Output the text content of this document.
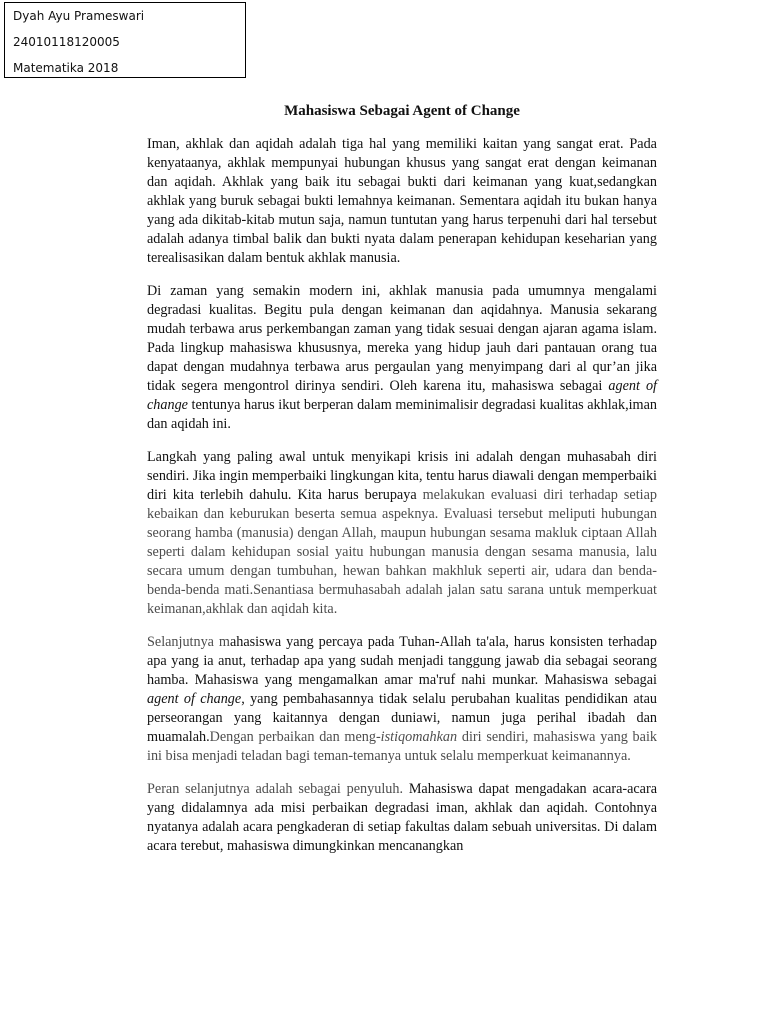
Dyah Ayu Prameswari
24010118120005
Matematika 2018
Mahasiswa Sebagai Agent of Change

Iman, akhlak dan aqidah adalah tiga hal yang memiliki kaitan yang sangat erat. Pada kenyataanya, akhlak mempunyai hubungan khusus yang sangat erat dengan keimanan dan aqidah. Akhlak yang baik itu sebagai bukti dari keimanan yang kuat,sedangkan akhlak yang buruk sebagai bukti lemahnya keimanan. Sementara aqidah itu bukan hanya yang ada dikitab-kitab mutun saja, namun tuntutan yang harus terpenuhi dari hal tersebut adalah adanya timbal balik dan bukti nyata dalam penerapan kehidupan keseharian yang terealisasikan dalam bentuk akhlak manusia.

Di zaman yang semakin modern ini, akhlak manusia pada umumnya mengalami degradasi kualitas. Begitu pula dengan keimanan dan aqidahnya. Manusia sekarang mudah terbawa arus perkembangan zaman yang tidak sesuai dengan ajaran agama islam. Pada lingkup mahasiswa khususnya, mereka yang hidup jauh dari pantauan orang tua dapat dengan mudahnya terbawa arus pergaulan yang menyimpang dari al qur’an jika tidak segera mengontrol dirinya sendiri. Oleh karena itu, mahasiswa sebagai agent of change tentunya harus ikut berperan dalam meminimalisir degradasi kualitas akhlak,iman dan aqidah ini.

Langkah yang paling awal untuk menyikapi krisis ini adalah dengan muhasabah diri sendiri. Jika ingin memperbaiki lingkungan kita, tentu harus diawali dengan memperbaiki diri kita terlebih dahulu. Kita harus berupaya melakukan evaluasi diri terhadap setiap kebaikan dan keburukan beserta semua aspeknya. Evaluasi tersebut meliputi hubungan seorang hamba (manusia) dengan Allah, maupun hubungan sesama makluk ciptaan Allah seperti dalam kehidupan sosial yaitu hubungan manusia dengan sesama manusia, lalu secara umum dengan tumbuhan, hewan bahkan makhluk seperti air, udara dan benda-benda-benda mati.Senantiasa bermuhasabah adalah jalan satu sarana untuk memperkuat keimanan,akhlak dan aqidah kita.

Selanjutnya mahasiswa yang percaya pada Tuhan-Allah ta'ala, harus konsisten terhadap apa yang ia anut, terhadap apa yang sudah menjadi tanggung jawab dia sebagai seorang hamba. Mahasiswa yang mengamalkan amar ma'ruf nahi munkar. Mahasiswa sebagai agent of change, yang pembahasannya tidak selalu perubahan kualitas pendidikan atau perseorangan yang kaitannya dengan duniawi, namun juga perihal ibadah dan muamalah.Dengan perbaikan dan meng-istiqomahkan diri sendiri, mahasiswa yang baik ini bisa menjadi teladan bagi teman-temanya untuk selalu memperkuat keimanannya.

Peran selanjutnya adalah sebagai penyuluh. Mahasiswa dapat mengadakan acara-acara yang didalamnya ada misi perbaikan degradasi iman, akhlak dan aqidah. Contohnya nyatanya adalah acara pengkaderan di setiap fakultas dalam sebuah universitas. Di dalam acara terebut, mahasiswa dimungkinkan mencanangkan
